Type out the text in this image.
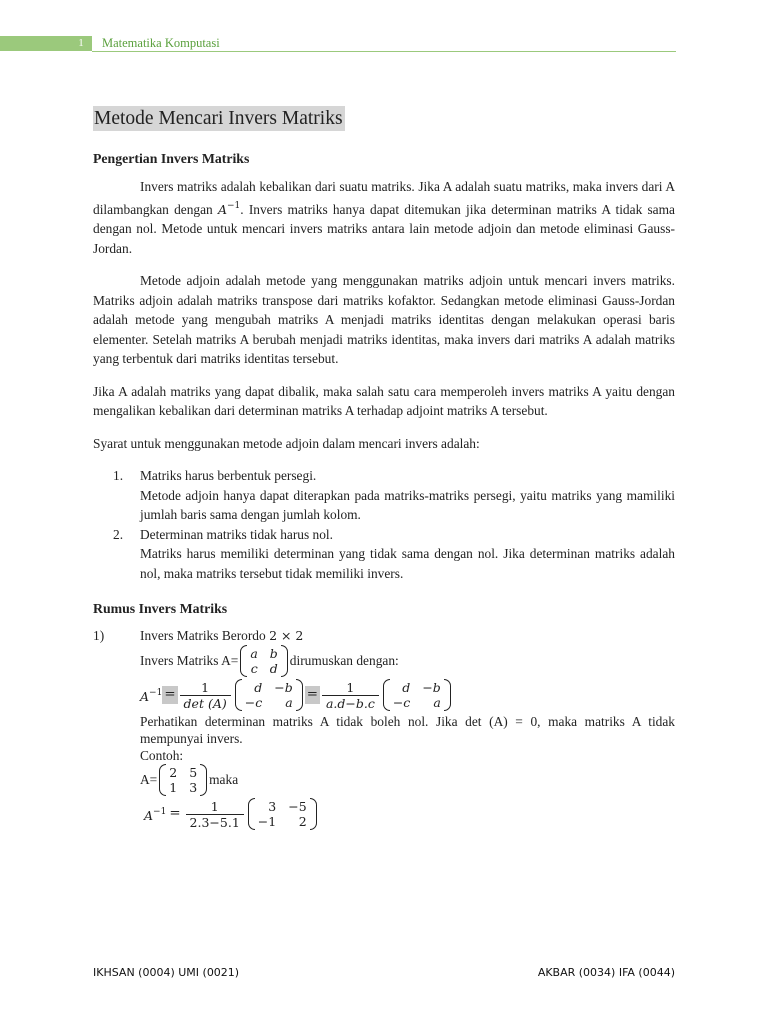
1 Matematika Komputasi
Metode Mencari Invers Matriks
Pengertian Invers Matriks

Invers matriks adalah kebalikan dari suatu matriks. Jika A adalah suatu matriks, maka invers dari A dilambangkan dengan $A^{-1}$. Invers matriks hanya dapat ditemukan jika determinan matriks A tidak sama dengan nol. Metode untuk mencari invers matriks antara lain metode adjoin dan metode eliminasi Gauss-Jordan.

Metode adjoin adalah metode yang menggunakan matriks adjoin untuk mencari invers matriks. Matriks adjoin adalah matriks transpose dari matriks kofaktor. Sedangkan metode eliminasi Gauss-Jordan adalah metode yang mengubah matriks A menjadi matriks identitas dengan melakukan operasi baris elementer. Setelah matriks A berubah menjadi matriks identitas, maka invers dari matriks A adalah matriks yang terbentuk dari matriks identitas tersebut.

Jika A adalah matriks yang dapat dibalik, maka salah satu cara memperoleh invers matriks A yaitu dengan mengalikan kebalikan dari determinan matriks A terhadap adjoint matriks A tersebut.

Syarat untuk menggunakan metode adjoin dalam mencari invers adalah:

1. Matriks harus berbentuk persegi.
Metode adjoin hanya dapat diterapkan pada matriks-matriks persegi, yaitu matriks yang mamiliki jumlah baris sama dengan jumlah kolom.
2. Determinan matriks tidak harus nol.
Matriks harus memiliki determinan yang tidak sama dengan nol. Jika determinan matriks adalah nol, maka matriks tersebut tidak memiliki invers.
Rumus Invers Matriks
1)	Invers Matriks Berordo 2 × 2
Invers Matriks A= a b
c d
dirumuskan dengan:
$A^{-1} = \frac{1}{\det (A)}$	d −b
−c	a
= $\frac{1}{a.d-b.c}$	d −b
−c	a
Perhatikan determinan matriks A tidak boleh nol. Jika det (A) = 0, maka matriks A tidak mempunyai invers.
Contoh:
A= 2 5
1 3
maka
$A^{-1} = \frac{1}{2.3-5.1}$	3 −5
−1	2
IKHSAN (0004) UMI (0021)	AKBAR (0034) IFA (0044)
